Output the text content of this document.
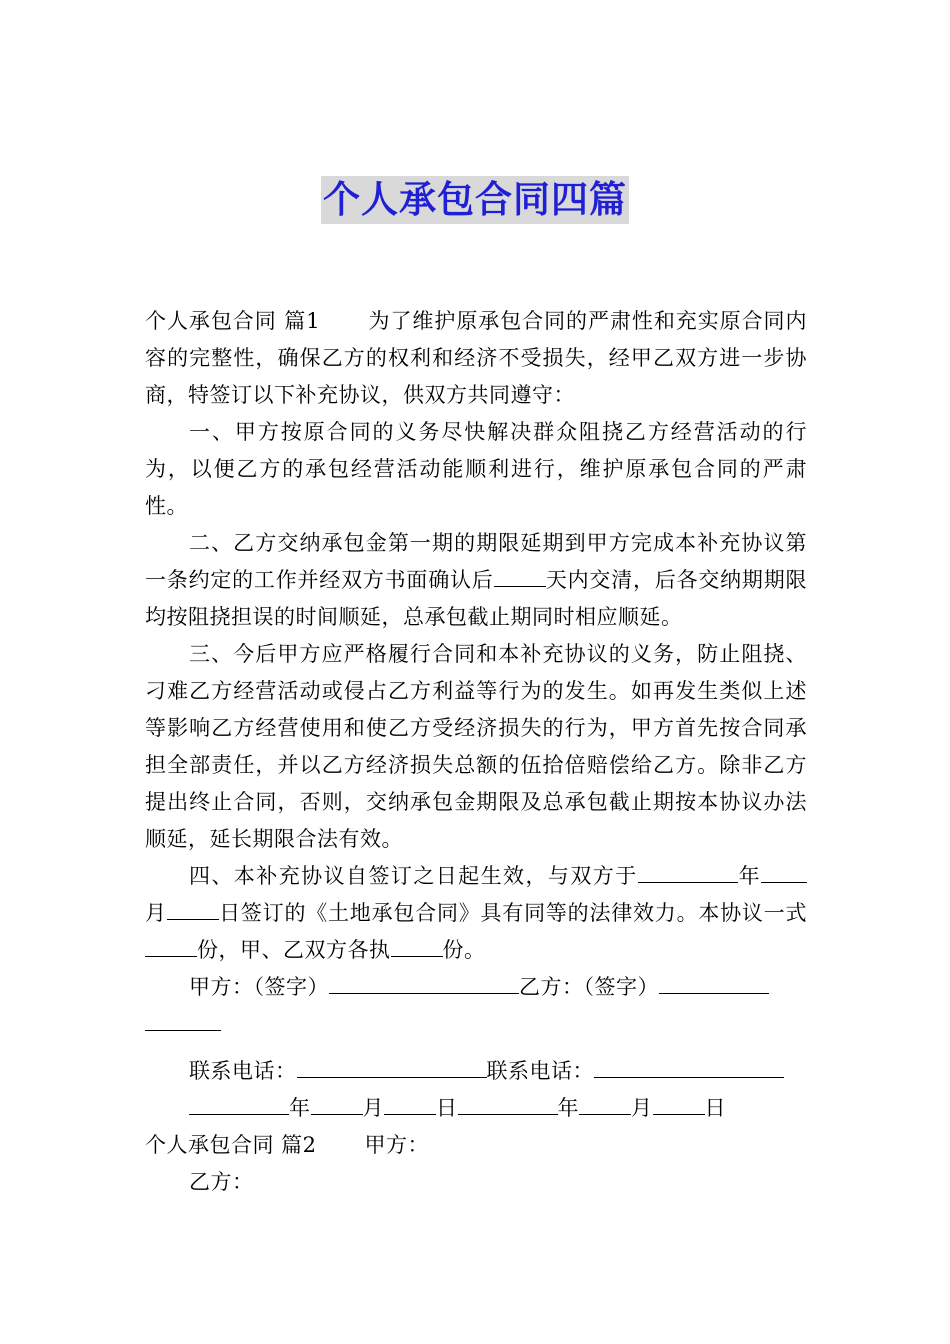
个人承包合同四篇

个人承包合同 篇1 为了维护原承包合同的严肃性和充实原合同内容的完整性，确保乙方的权利和经济不受损失，经甲乙双方进一步协商，特签订以下补充协议，供双方共同遵守：

一、甲方按原合同的义务尽快解决群众阻挠乙方经营活动的行为，以便乙方的承包经营活动能顺利进行，维护原承包合同的严肃性。

二、乙方交纳承包金第一期的期限延期到甲方完成本补充协议第一条约定的工作并经双方书面确认后 天内交清，后各交纳期期限均按阻挠担误的时间顺延，总承包截止期同时相应顺延。

三、今后甲方应严格履行合同和本补充协议的义务，防止阻挠、刁难乙方经营活动或侵占乙方利益等行为的发生。如再发生类似上述等影响乙方经营使用和使乙方受经济损失的行为，甲方首先按合同承担全部责任，并以乙方经济损失总额的伍拾倍赔偿给乙方。除非乙方提出终止合同，否则，交纳承包金期限及总承包截止期按本协议办法顺延，延长期限合法有效。

四、本补充协议自签订之日起生效，与双方于	年月 日签订的《土地承包合同》具有同等的法律效力。本协议一式份，甲、乙双方各执 份。

甲方：（签字）	乙方：（签字）

联系电话：	联系电话：

年 月 日	年 月 日

个人承包合同 篇2 甲方：

乙方：
